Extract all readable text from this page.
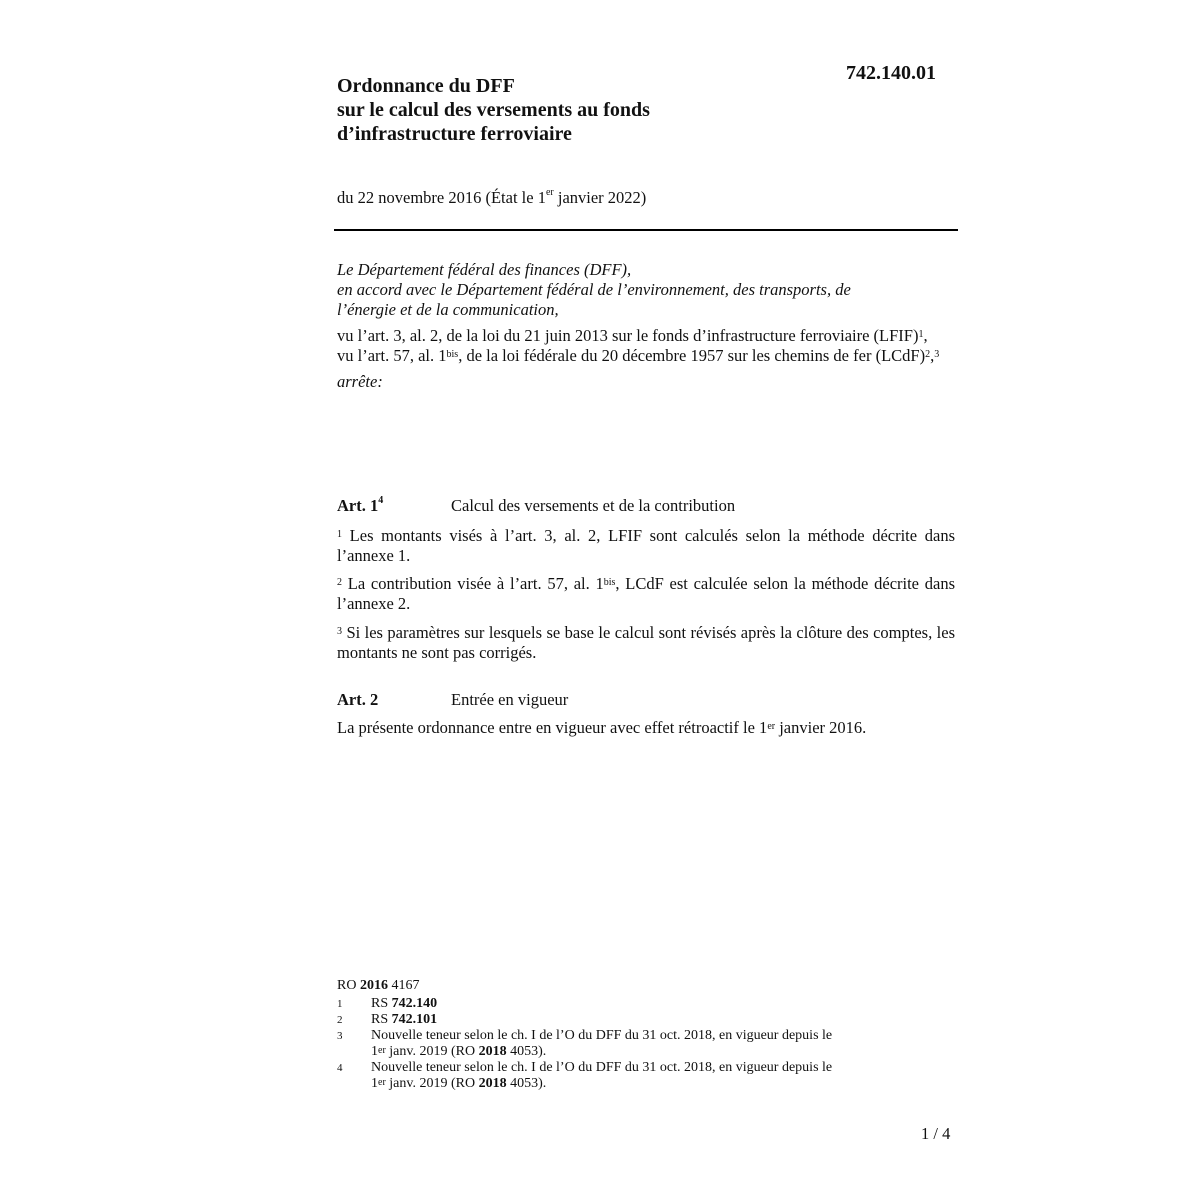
742.140.01
Ordonnance du DFF
sur le calcul des versements au fonds
d’infrastructure ferroviaire
du 22 novembre 2016 (État le 1er janvier 2022)

Le Département fédéral des finances (DFF),

en accord avec le Département fédéral de l’environnement, des transports, de

l’énergie et de la communication,

vu l’art. 3, al. 2, de la loi du 21 juin 2013 sur le fonds d’infrastructure ferroviaire (LFIF)$^1$,

vu l’art. 57, al. $1^{bis}$, de la loi fédérale du 20 décembre 1957 sur les chemins de fer (LCdF)$^2$,$^3$

arrête:

Art. $1^4$	Calcul des versements et de la contribution
$^1$ Les montants visés à l’art. 3, al. 2, LFIF sont calculés selon la méthode décrite dans l’annexe 1.
$^2$ La contribution visée à l’art. 57, al. $1^{bis}$, LCdF est calculée selon la méthode décrite dans l’annexe 2.
$^3$ Si les paramètres sur lesquels se base le calcul sont révisés après la clôture des comptes, les montants ne sont pas corrigés.
Art. 2	Entrée en vigueur
La présente ordonnance entre en vigueur avec effet rétroactif le 1er janvier 2016.
RO 2016 4167
1	RS 742.140
2	RS 742.101
3	Nouvelle teneur selon le ch. I de l’O du DFF du 31 oct. 2018, en vigueur depuis le
1er janv. 2019 (RO 2018 4053).
4	Nouvelle teneur selon le ch. I de l’O du DFF du 31 oct. 2018, en vigueur depuis le
1er janv. 2019 (RO 2018 4053).
1 / 4
